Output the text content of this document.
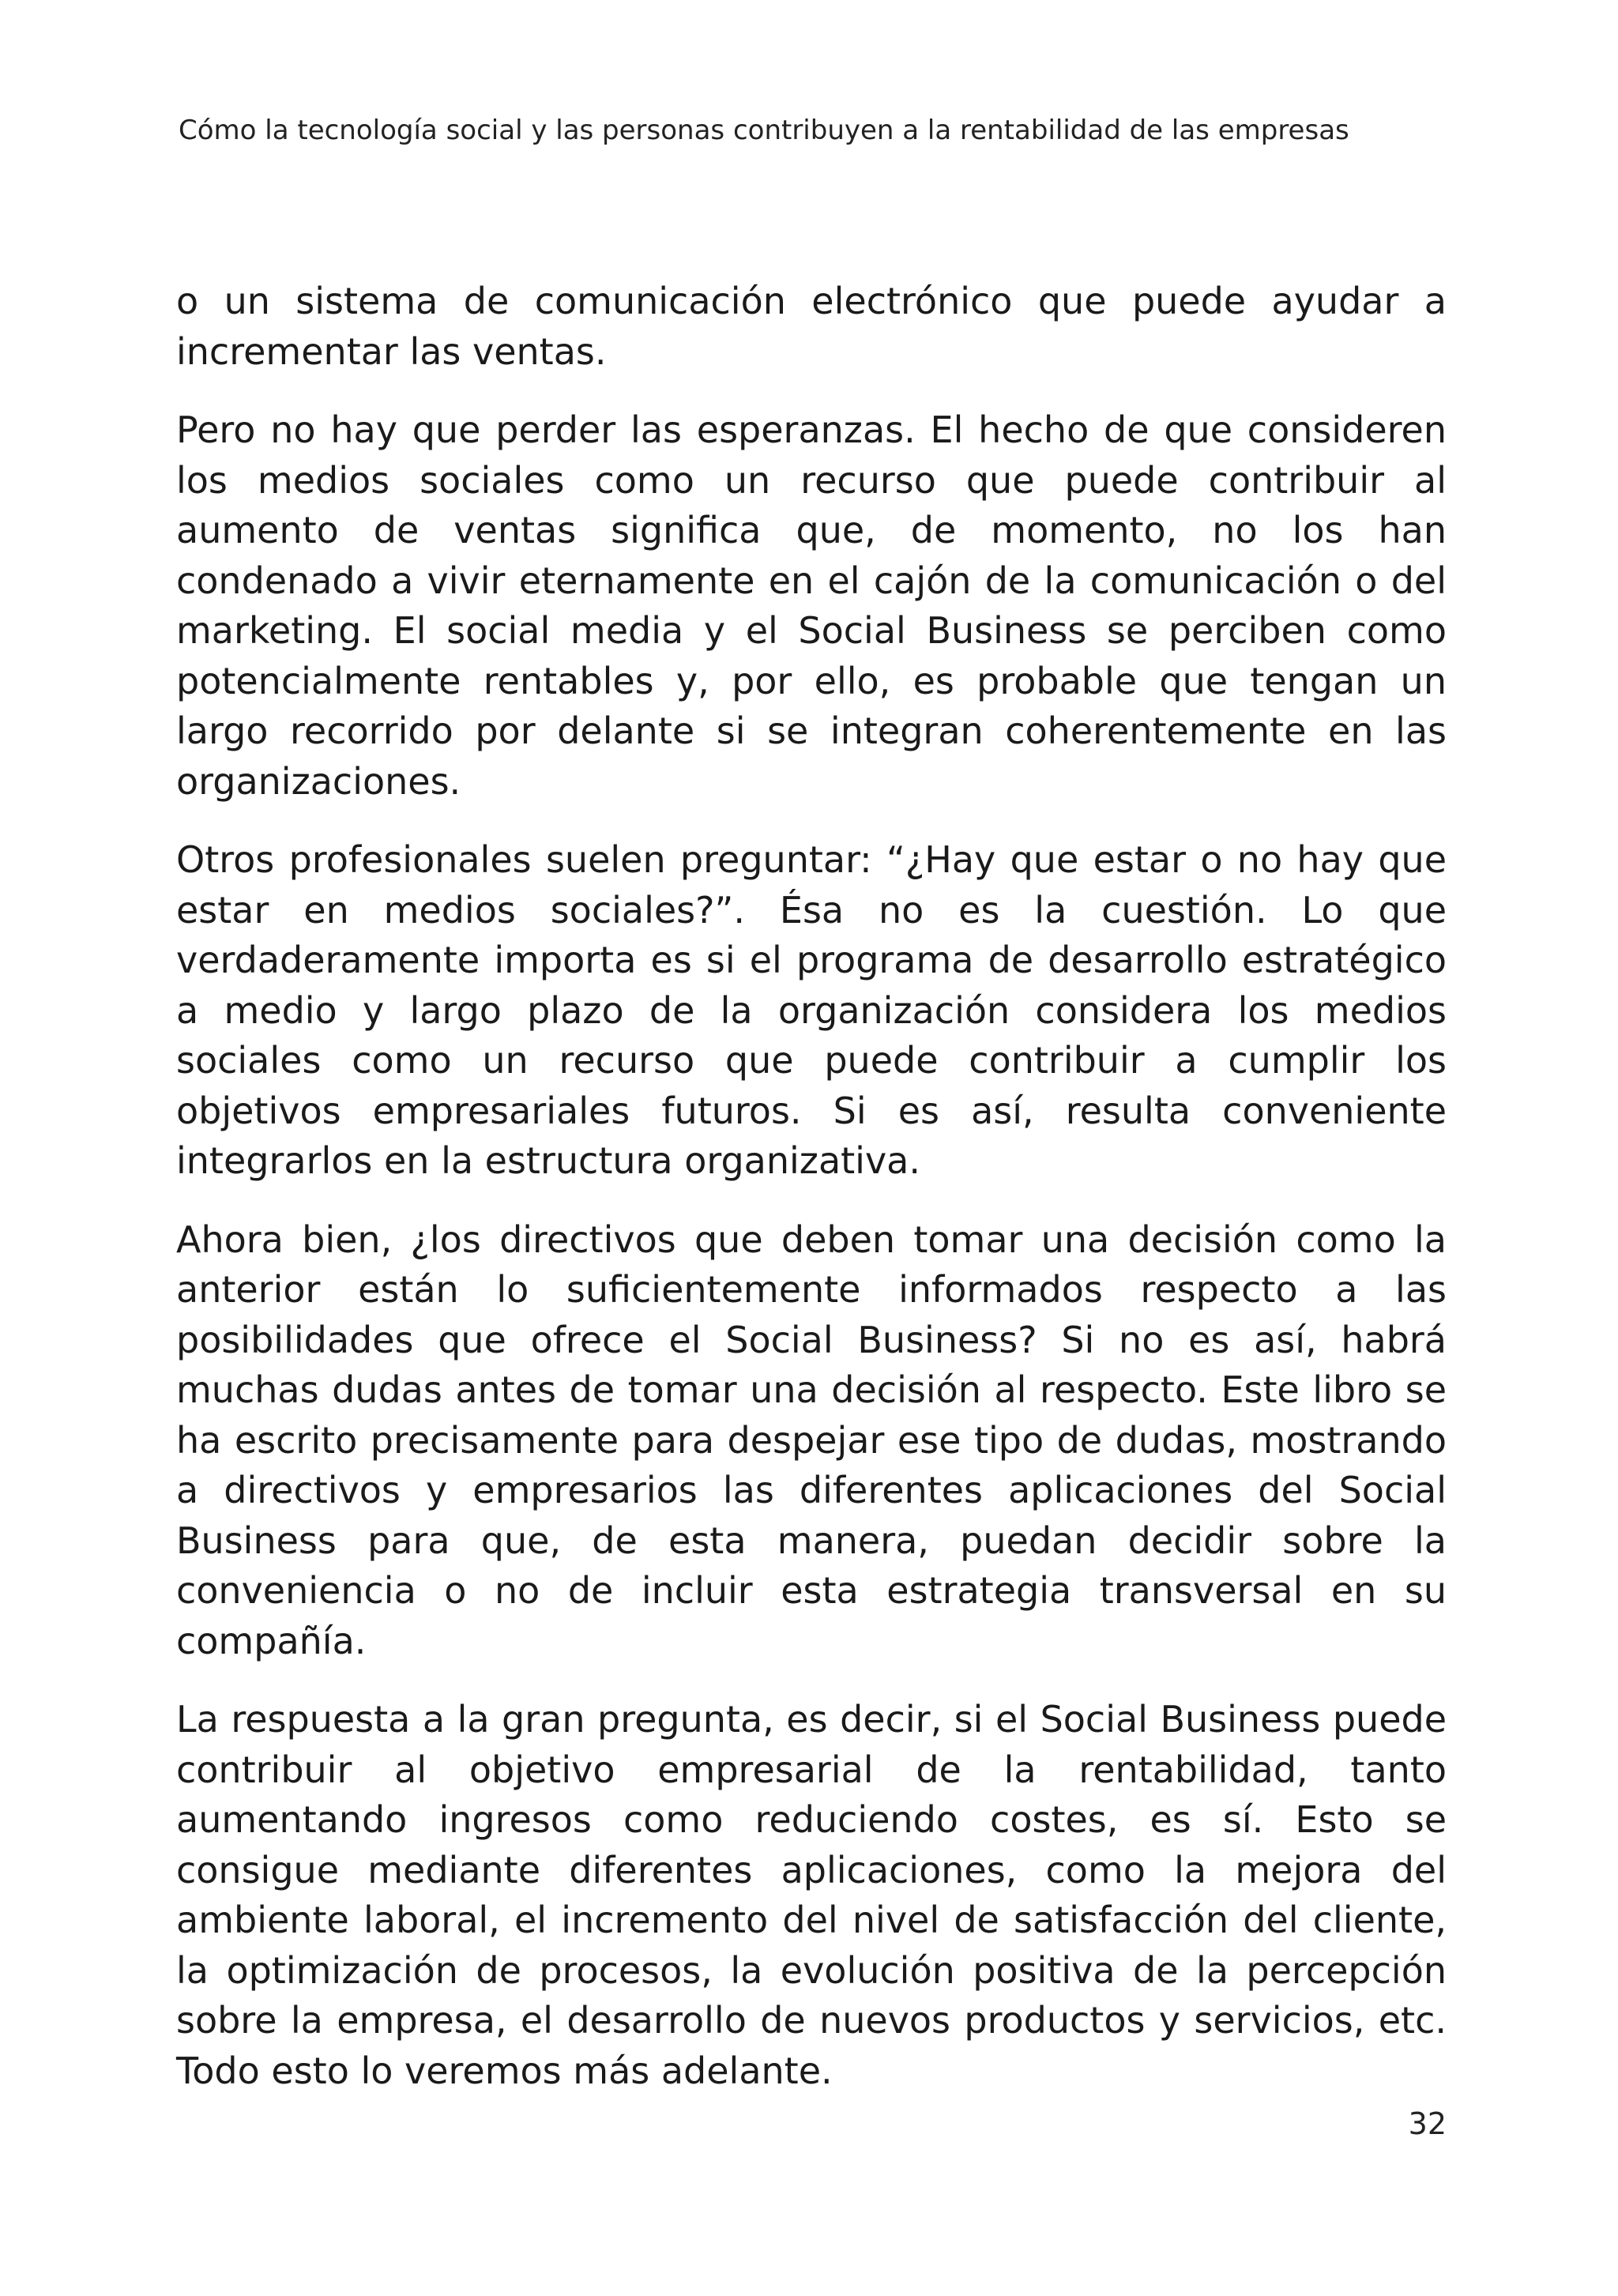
Cómo la tecnología social y las personas contribuyen a la rentabilidad de las empresas

o un sistema de comunicación electrónico que puede ayudar a incrementar las ventas.

Pero no hay que perder las esperanzas. El hecho de que consideren los medios sociales como un recurso que puede contribuir al aumento de ventas significa que, de momento, no los han condenado a vivir eternamente en el cajón de la comunicación o del marketing. El social media y el Social Business se perciben como potencialmente rentables y, por ello, es probable que tengan un largo recorrido por delante si se integran coherentemente en las organizaciones.

Otros profesionales suelen preguntar: “¿Hay que estar o no hay que estar en medios sociales?”. Ésa no es la cuestión. Lo que verdaderamente importa es si el programa de desarrollo estratégico a medio y largo plazo de la organización considera los medios sociales como un recurso que puede contribuir a cumplir los objetivos empresariales futuros. Si es así, resulta conveniente integrarlos en la estructura organizativa.

Ahora bien, ¿los directivos que deben tomar una decisión como la anterior están lo suficientemente informados respecto a las posibilidades que ofrece el Social Business? Si no es así, habrá muchas dudas antes de tomar una decisión al respecto. Este libro se ha escrito precisamente para despejar ese tipo de dudas, mostrando a directivos y empresarios las diferentes aplicaciones del Social Business para que, de esta manera, puedan decidir sobre la conveniencia o no de incluir esta estrategia transversal en su compañía.

La respuesta a la gran pregunta, es decir, si el Social Business puede contribuir al objetivo empresarial de la rentabilidad, tanto aumentando ingresos como reduciendo costes, es sí. Esto se consigue mediante diferentes aplicaciones, como la mejora del ambiente laboral, el incremento del nivel de satisfacción del cliente, la optimización de procesos, la evolución positiva de la percepción sobre la empresa, el desarrollo de nuevos productos y servicios, etc. Todo esto lo veremos más adelante.

32
